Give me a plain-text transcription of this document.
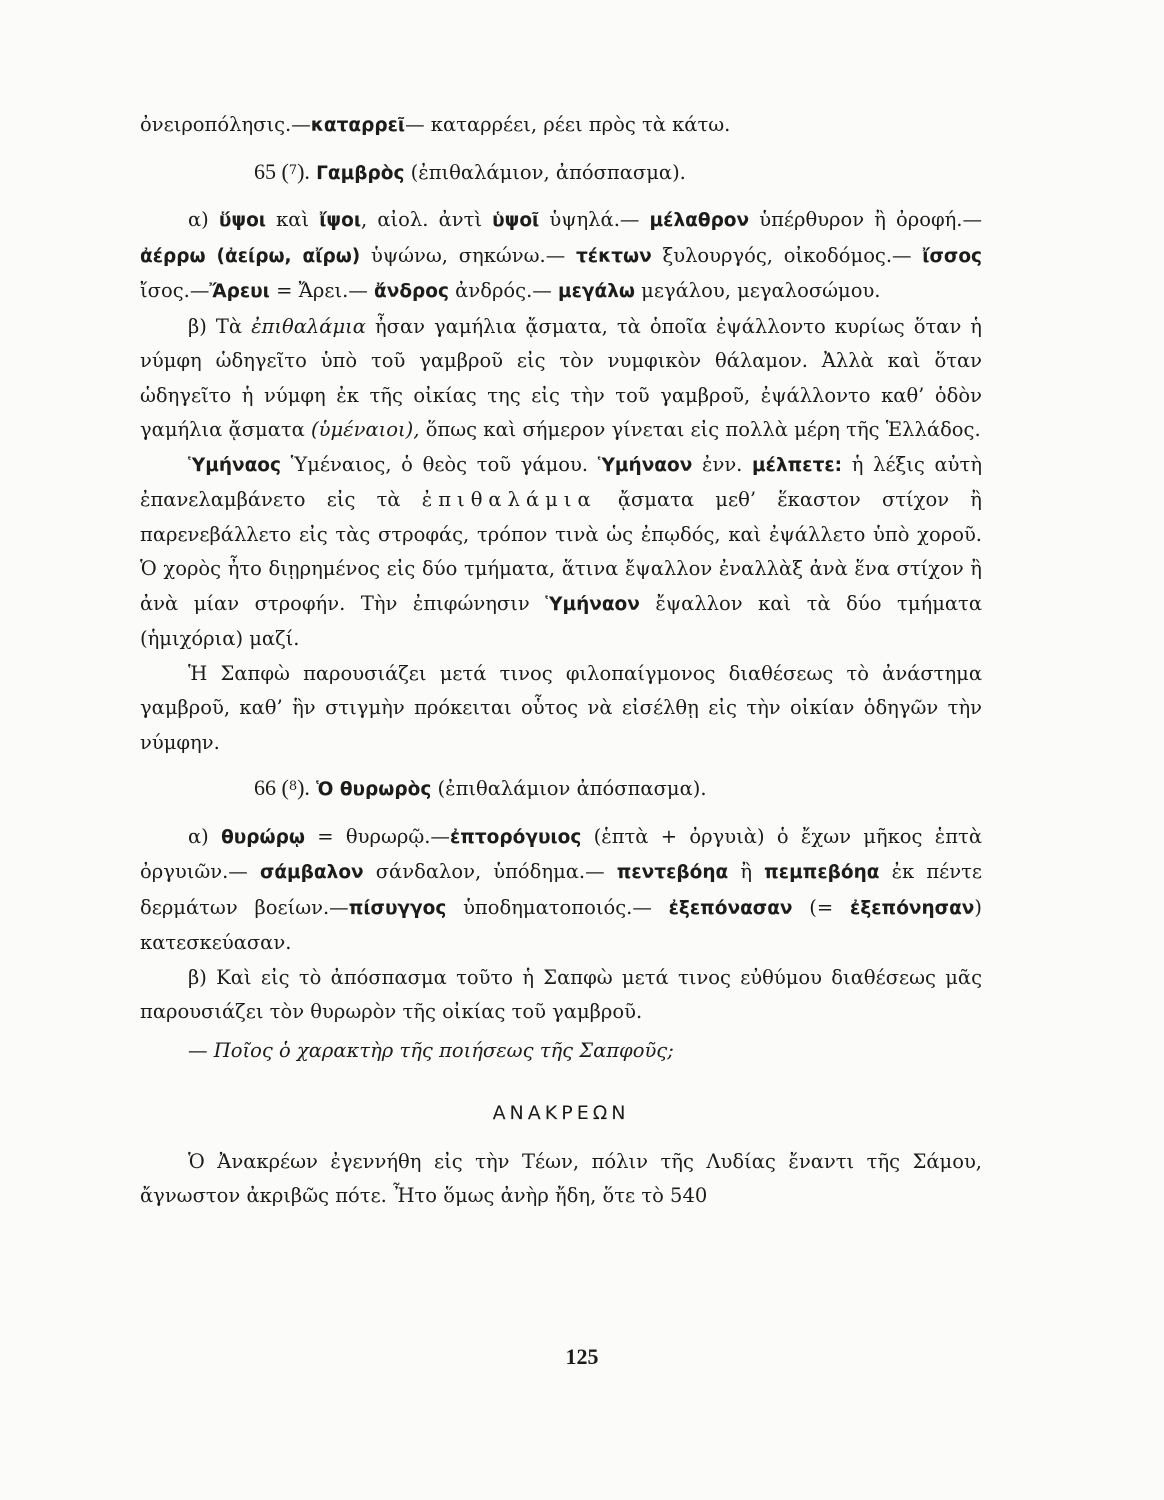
ὀνειροπόλησις.—καταρρεῖ— καταρρέει, ρέει πρὸς τὰ κάτω.

65 ($^7$). Γαμβρὸς (ἐπιθαλάμιον, ἀπόσπασμα).

α) ὕψοι καὶ ἴψοι, αἰολ. ἀντὶ ὑψοῖ ὑψηλά.— μέλαθρον ὑπέρθυρον ἢ ὀροφή.—ἀέρρω (ἀείρω, αἴρω) ὑψώνω, σηκώνω.— τέκτων ξυλουργός, οἰκοδόμος.— ἴσσος ἴσος.—Ἄρευι = Ἄρει.— ἄνδρος ἀνδρός.— μεγάλω μεγάλου, μεγαλοσώμου.

β) Τὰ ἐπιθαλάμια ἦσαν γαμήλια ᾄσματα, τὰ ὁποῖα ἐψάλλοντο κυρίως ὅταν ἡ νύμφη ὡδηγεῖτο ὑπὸ τοῦ γαμβροῦ εἰς τὸν νυμφικὸν θάλαμον. Ἀλλὰ καὶ ὅταν ὡδηγεῖτο ἡ νύμφη ἐκ τῆς οἰκίας της εἰς τὴν τοῦ γαμβροῦ, ἐψάλλοντο καθ’ ὁδὸν γαμήλια ᾄσματα (ὑμέναιοι), ὅπως καὶ σήμερον γίνεται εἰς πολλὰ μέρη τῆς Ἑλλάδος.

Ὑμήναος Ὑμέναιος, ὁ θεὸς τοῦ γάμου. Ὑμήναον ἐνν. μέλπετε: ἡ λέξις αὐτὴ ἐπανελαμβάνετο εἰς τὰ ἐπιθαλάμια ᾄσματα μεθ’ ἕκαστον στίχον ἢ παρενεβάλλετο εἰς τὰς στροφάς, τρόπον τινὰ ὡς ἐπῳδός, καὶ ἐψάλλετο ὑπὸ χοροῦ. Ὁ χορὸς ἦτο διῃρημένος εἰς δύο τμήματα, ἅτινα ἔψαλλον ἐναλλὰξ ἀνὰ ἕνα στίχον ἢ ἀνὰ μίαν στροφήν. Τὴν ἐπιφώνησιν Ὑμήναον ἔψαλλον καὶ τὰ δύο τμήματα (ἡμιχόρια) μαζί.

Ἡ Σαπφὼ παρουσιάζει μετά τινος φιλοπαίγμονος διαθέσεως τὸ ἀνάστημα γαμβροῦ, καθ’ ἣν στιγμὴν πρόκειται οὗτος νὰ εἰσέλθῃ εἰς τὴν οἰκίαν ὁδηγῶν τὴν νύμφην.

66 ($^8$). Ὁ θυρωρὸς (ἐπιθαλάμιον ἀπόσπασμα).

α) θυρώρῳ = θυρωρῷ.—ἐπτορόγυιος (ἑπτὰ + ὀργυιὰ) ὁ ἔχων μῆκος ἑπτὰ ὀργυιῶν.— σάμβαλον σάνδαλον, ὑπόδημα.— πεντεβόηα ἢ πεμπεβόηα ἐκ πέντε δερμάτων βοείων.—πίσυγγος ὑποδηματοποιός.— ἐξεπόνασαν (= ἐξεπόνησαν) κατεσκεύασαν.

β) Καὶ εἰς τὸ ἀπόσπασμα τοῦτο ἡ Σαπφὼ μετά τινος εὐθύμου διαθέσεως μᾶς παρουσιάζει τὸν θυρωρὸν τῆς οἰκίας τοῦ γαμβροῦ.

— Ποῖος ὁ χαρακτὴρ τῆς ποιήσεως τῆς Σαπφοῦς;

ΑΝΑΚΡΕΩΝ

Ὁ Ἀνακρέων ἐγεννήθη εἰς τὴν Τέων, πόλιν τῆς Λυδίας ἔναντι τῆς Σάμου, ἄγνωστον ἀκριβῶς πότε. Ἦτο ὅμως ἀνὴρ ἤδη, ὅτε τὸ 540

125
